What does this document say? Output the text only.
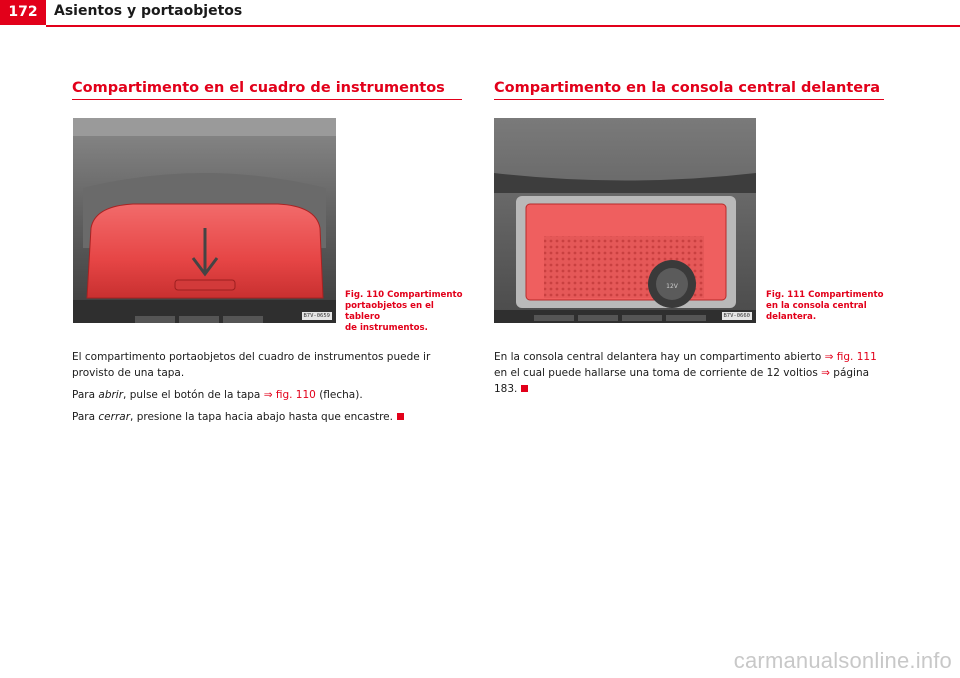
172	Asientos y portaobjetos
Compartimento en el cuadro de instrumentos
B7V-0659
Fig. 110 Compartimento
portaobjetos en el tablero
de instrumentos.

El compartimento portaobjetos del cuadro de instrumentos puede ir provisto de una tapa.

Para abrir, pulse el botón de la tapa ⇒ fig. 110 (flecha).

Para cerrar, presione la tapa hacia abajo hasta que encastre.

Compartimento en la consola central delantera
12V
B7V-0660
Fig. 111 Compartimento
en la consola central
delantera.

En la consola central delantera hay un compartimento abierto ⇒ fig. 111 en el cual puede hallarse una toma de corriente de 12 voltios ⇒ página 183.

carmanualsonline.info
